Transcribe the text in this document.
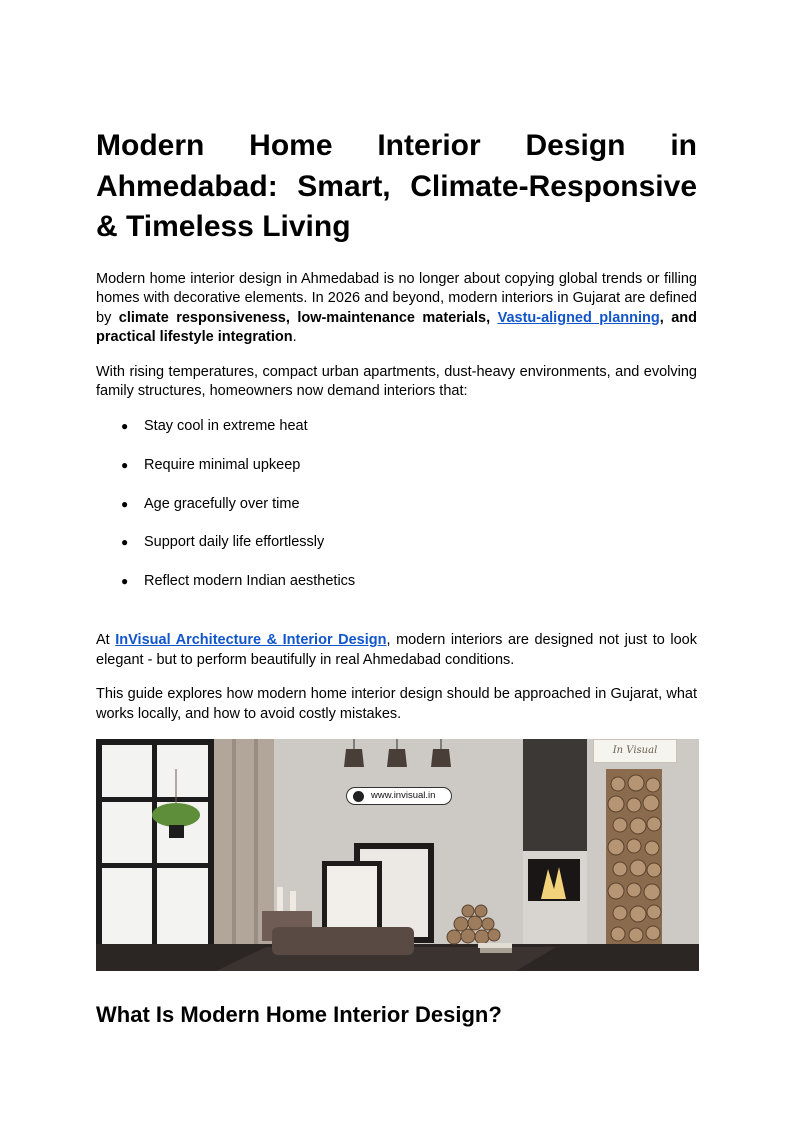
Modern Home Interior Design in Ahmedabad: Smart, Climate-Responsive & Timeless Living

Modern home interior design in Ahmedabad is no longer about copying global trends or filling homes with decorative elements. In 2026 and beyond, modern interiors in Gujarat are defined by climate responsiveness, low-maintenance materials, Vastu-aligned planning, and practical lifestyle integration.

With rising temperatures, compact urban apartments, dust-heavy environments, and evolving family structures, homeowners now demand interiors that:

● Stay cool in extreme heat
● Require minimal upkeep
● Age gracefully over time
● Support daily life effortlessly
● Reflect modern Indian aesthetics

At InVisual Architecture & Interior Design, modern interiors are designed not just to look elegant - but to perform beautifully in real Ahmedabad conditions.

This guide explores how modern home interior design should be approached in Gujarat, what works locally, and how to avoid costly mistakes.

www.invisual.in
In Visual
What Is Modern Home Interior Design?
